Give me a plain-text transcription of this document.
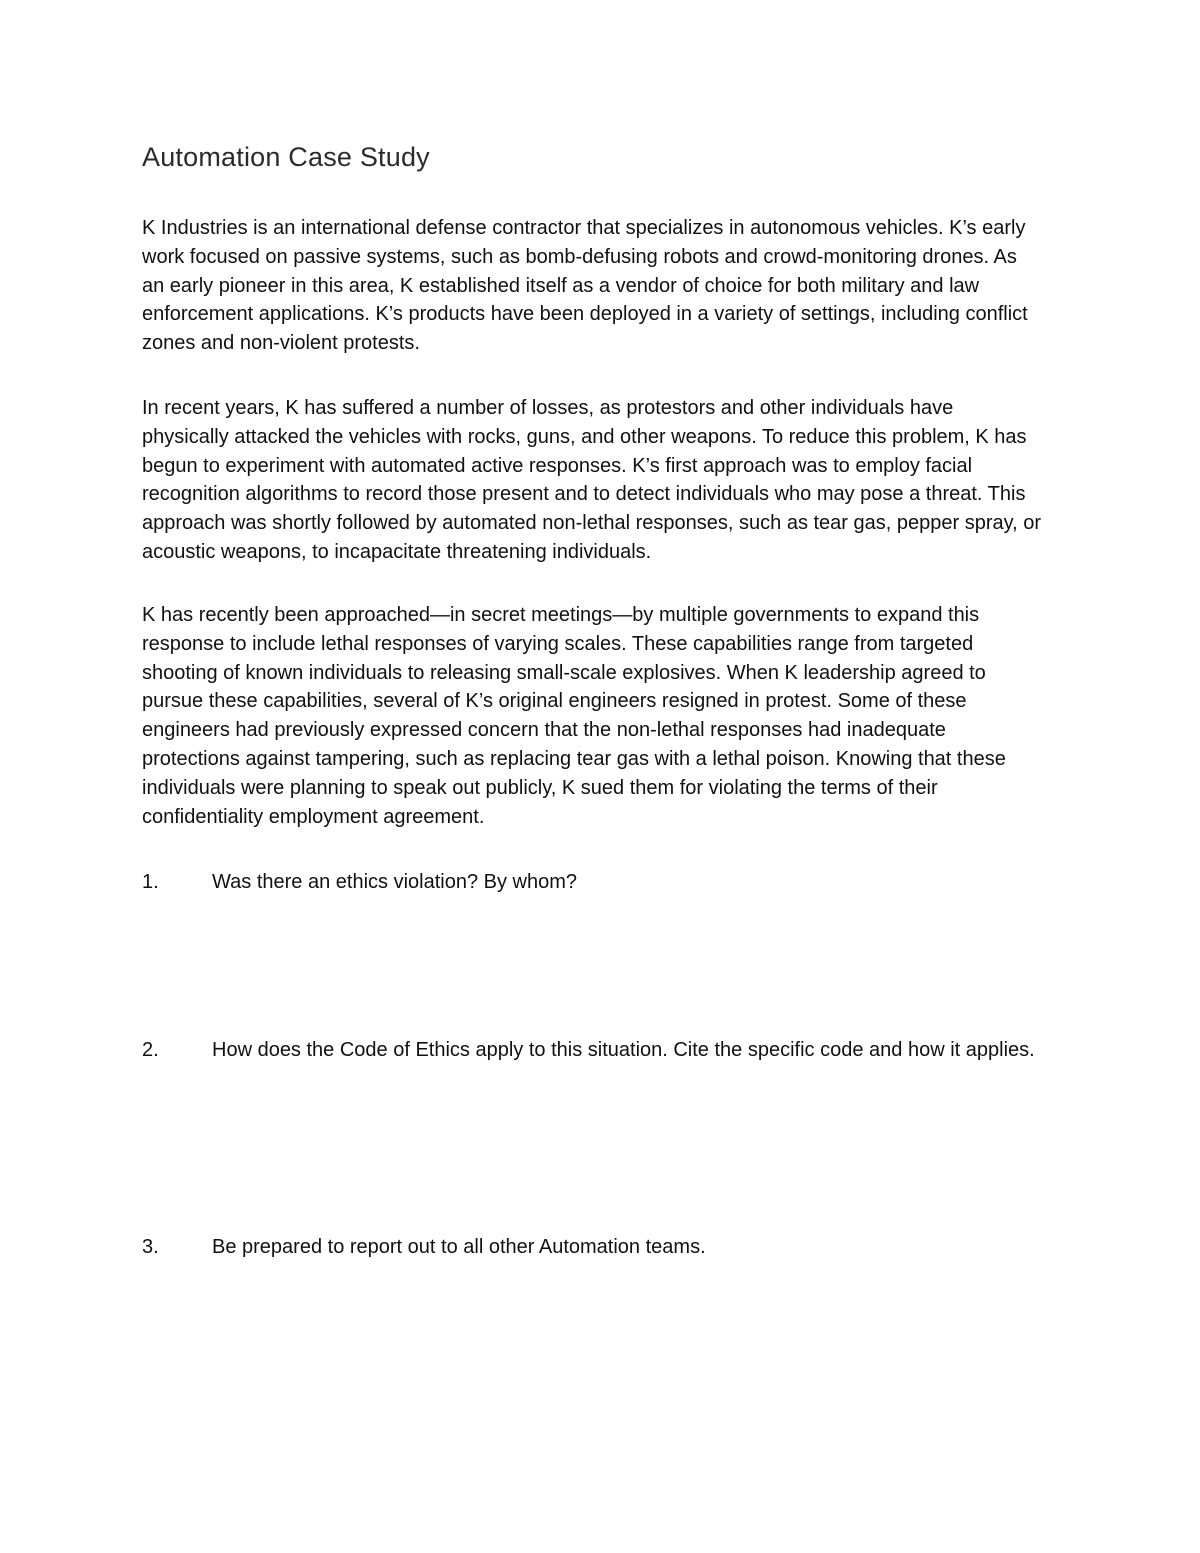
Automation Case Study

K Industries is an international defense contractor that specializes in autonomous vehicles. K’s early work focused on passive systems, such as bomb-defusing robots and crowd-monitoring drones. As an early pioneer in this area, K established itself as a vendor of choice for both military and law enforcement applications. K’s products have been deployed in a variety of settings, including conflict zones and non-violent protests.

In recent years, K has suffered a number of losses, as protestors and other individuals have physically attacked the vehicles with rocks, guns, and other weapons. To reduce this problem, K has begun to experiment with automated active responses. K’s first approach was to employ facial recognition algorithms to record those present and to detect individuals who may pose a threat. This approach was shortly followed by automated non-lethal responses, such as tear gas, pepper spray, or acoustic weapons, to incapacitate threatening individuals.

K has recently been approached—in secret meetings—by multiple governments to expand this response to include lethal responses of varying scales. These capabilities range from targeted shooting of known individuals to releasing small-scale explosives. When K leadership agreed to pursue these capabilities, several of K’s original engineers resigned in protest. Some of these engineers had previously expressed concern that the non-lethal responses had inadequate protections against tampering, such as replacing tear gas with a lethal poison. Knowing that these individuals were planning to speak out publicly, K sued them for violating the terms of their confidentiality employment agreement.

1.	Was there an ethics violation? By whom?

2.	How does the Code of Ethics apply to this situation. Cite the specific code and how it applies.

3.	Be prepared to report out to all other Automation teams.
